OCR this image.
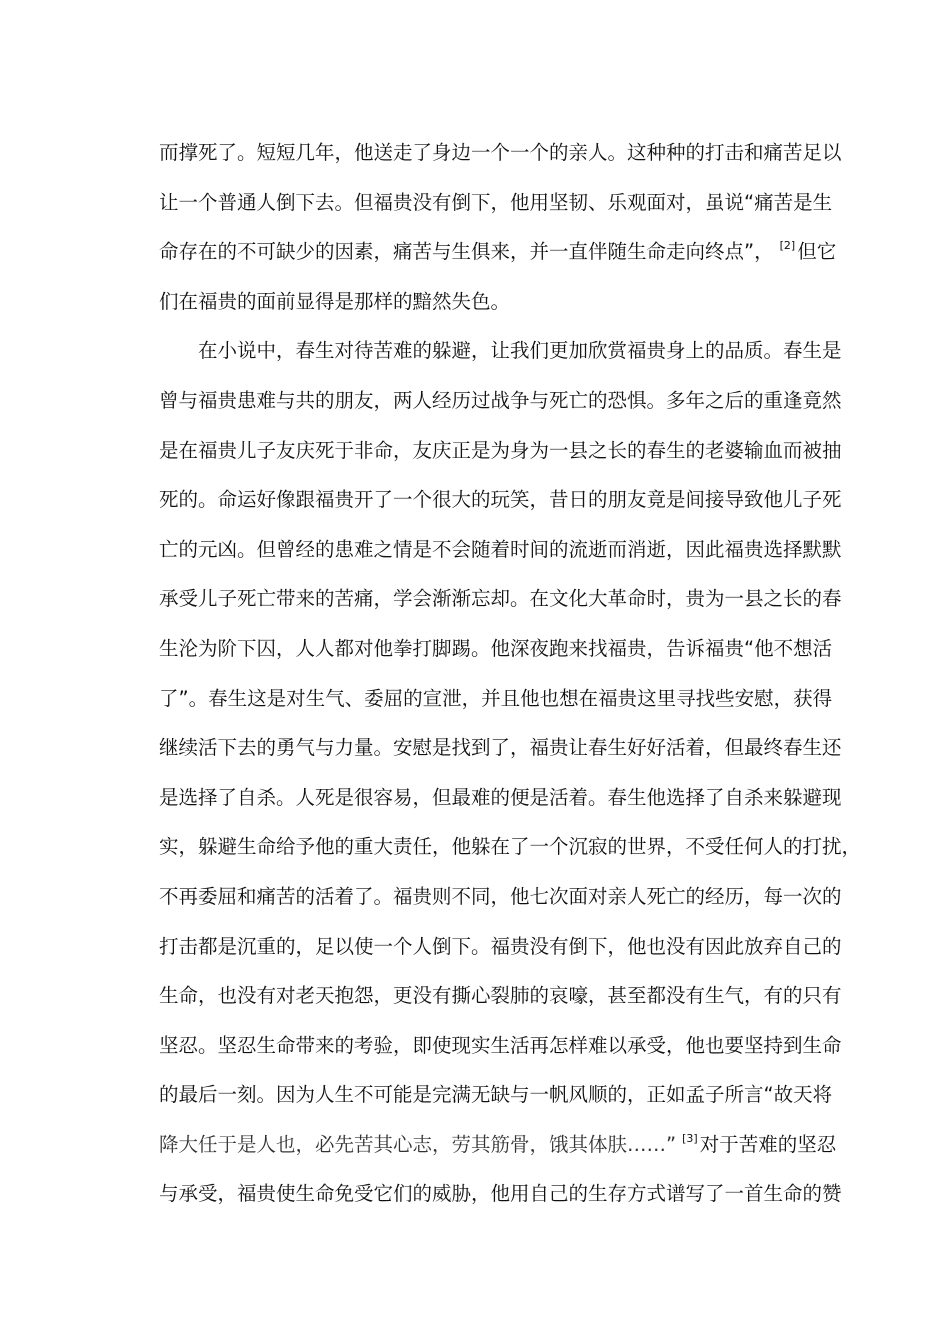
而撑死了。短短几年，他送走了身边一个一个的亲人。这种种的打击和痛苦足以
让一个普通人倒下去。但福贵没有倒下，他用坚韧、乐观面对，虽说“痛苦是生
命存在的不可缺少的因素，痛苦与生俱来，并一直伴随生命走向终点”， [2] 但它
们在福贵的面前显得是那样的黯然失色。
在小说中，春生对待苦难的躲避，让我们更加欣赏福贵身上的品质。春生是
曾与福贵患难与共的朋友，两人经历过战争与死亡的恐惧。多年之后的重逢竟然
是在福贵儿子友庆死于非命，友庆正是为身为一县之长的春生的老婆输血而被抽
死的。命运好像跟福贵开了一个很大的玩笑，昔日的朋友竟是间接导致他儿子死
亡的元凶。但曾经的患难之情是不会随着时间的流逝而消逝，因此福贵选择默默
承受儿子死亡带来的苦痛，学会渐渐忘却。在文化大革命时，贵为一县之长的春
生沦为阶下囚，人人都对他拳打脚踢。他深夜跑来找福贵，告诉福贵“他不想活
了”。春生这是对生气、委屈的宣泄，并且他也想在福贵这里寻找些安慰，获得
继续活下去的勇气与力量。安慰是找到了，福贵让春生好好活着，但最终春生还
是选择了自杀。人死是很容易，但最难的便是活着。春生他选择了自杀来躲避现
实，躲避生命给予他的重大责任，他躲在了一个沉寂的世界，不受任何人的打扰，
不再委屈和痛苦的活着了。福贵则不同，他七次面对亲人死亡的经历，每一次的
打击都是沉重的，足以使一个人倒下。福贵没有倒下，他也没有因此放弃自己的
生命，也没有对老天抱怨，更没有撕心裂肺的哀嚎，甚至都没有生气，有的只有
坚忍。坚忍生命带来的考验，即使现实生活再怎样难以承受，他也要坚持到生命
的最后一刻。因为人生不可能是完满无缺与一帆风顺的，正如孟子所言“故天将
降大任于是人也，必先苦其心志，劳其筋骨，饿其体肤……” [3] 对于苦难的坚忍
与承受，福贵使生命免受它们的威胁，他用自己的生存方式谱写了一首生命的赞
